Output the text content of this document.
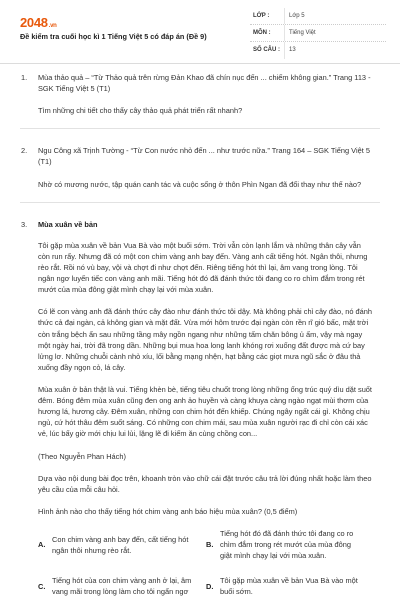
2048.vn
Đề kiểm tra cuối học kì 1 Tiếng Việt 5 có đáp án (Đề 9)
LỚP :	Lớp 5
MÔN :	Tiếng Việt
SỐ CÂU :	13
1. Mùa thảo quả – “Từ Thảo quả trên rừng Đản Khao đã chín nục đến ... chiếm không gian.” Trang 113 - SGK Tiếng Việt 5 (T1)

Tìm những chi tiết cho thấy cây thảo quả phát triển rất nhanh?

2. Ngu Công xã Trịnh Tường - “Từ Con nước nhỏ đến ... như trước nữa.” Trang 164 – SGK Tiếng Việt 5 (T1)

Nhờ có mương nước, tập quán canh tác và cuộc sống ở thôn Phìn Ngan đã đổi thay như thế nào?

3. Mùa xuân về bản

Tôi gặp mùa xuân về bản Vua Bà vào một buổi sớm. Trời vẫn còn lạnh lắm và những thân cây vẫn còn run rẩy. Nhưng đã có một con chim vàng anh bay đến. Vàng anh cất tiếng hót. Ngân thôi, nhưng rèo rắt. Rồi nó vù bay, vội và chợt đi như chợt đến. Riêng tiếng hót thì lại, âm vang trong lòng. Tôi ngân ngơ luyến tiếc con vàng anh mãi. Tiếng hót đó đã đánh thức tôi đang co ro chìm đắm trong rét mướt của mùa đông giật mình chạy lại với mùa xuân.

Có lẽ con vàng anh đã đánh thức cây đào như đánh thức tôi dậy. Mà không phải chỉ cây đào, nó đánh thức cả đại ngàn, cả không gian và mặt đất. Vừa mới hôm trước đại ngàn còn rền rĩ gió bấc, mặt trời còn trắng bệch ẩn sau những tầng mây ngồn ngang như những tấm chăn bông ủ ấm, vậy mà ngay một ngày hai, trời đã trong dần. Những bụi mua hoa long lanh khóng rơi xuống đất được mà cứ bay lửng lơ. Những chuỗi cành nhỏ xíu, lối bằng mạng nhện, hạt bằng các giọt mưa ngũ sắc ở đâu thả xuống đầy ngọn cỏ, lá cây.

Mùa xuân ở bản thật là vui. Tiếng khèn bè, tiếng tiêu chuốt trong lòng những ống trúc quý dìu dặt suốt đêm. Bóng đêm mùa xuân cũng đen ong anh ảo huyền và càng khuya càng ngào ngạt mùi thơm của hương lá, hương cây. Đêm xuân, những con chim hót đến khiếp. Chúng ngây ngất cái gì. Không chịu ngủ, cứ hót thâu đêm suốt sáng. Có những con chim mái, sau mùa xuân người rạc đi chỉ còn cái xác vẻ, lúc bấy giờ mới chịu lui lủi, lặng lẽ đi kiếm ăn cùng chồng con...

(Theo Nguyễn Phan Hách)

Dựa vào nội dung bài đọc trên, khoanh tròn vào chữ cái đặt trước câu trả lời đúng nhất hoặc làm theo yêu cầu của mỗi câu hỏi.

Hình ảnh nào cho thấy tiếng hót chim vàng anh báo hiệu mùa xuân? (0,5 điểm)

A.
Con chim vàng anh bay đến, cất tiếng hót ngân thôi nhưng rèo rắt.
B.
Tiếng hót đó đã đánh thức tôi đang co ro chìm đắm trong rét mướt của mùa đông giật mình chạy lại với mùa xuân.
C.
Tiếng hót của con chim vàng anh ở lại, âm vang mãi trong lòng làm cho tôi ngẩn ngơ
D.
Tôi gặp mùa xuân về bản Vua Bà vào một buổi sớm.
